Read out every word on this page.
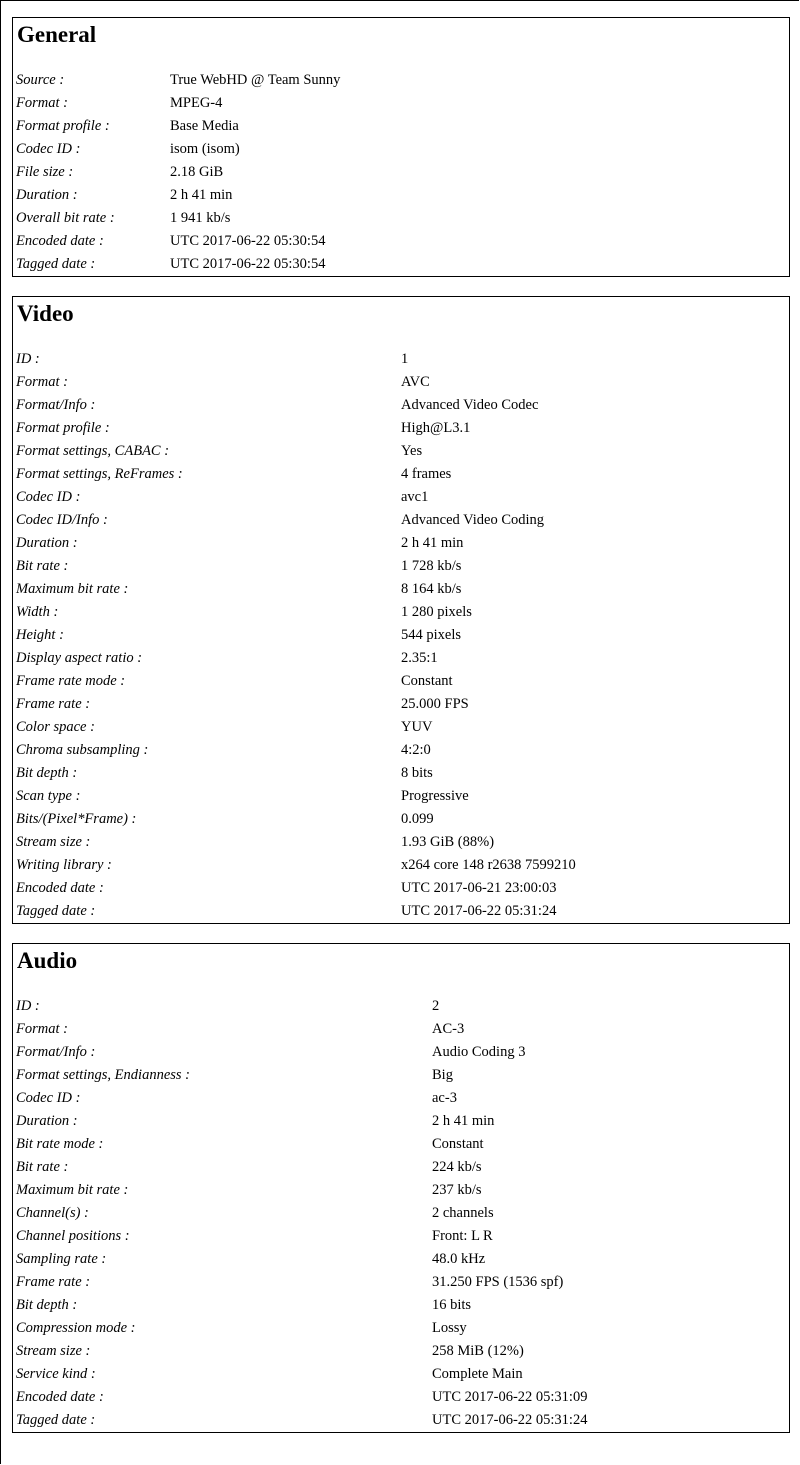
General
Source :	True WebHD @ Team Sunny
Format :	MPEG-4
Format profile :	Base Media
Codec ID :	isom (isom)
File size :	2.18 GiB
Duration :	2 h 41 min
Overall bit rate :	1 941 kb/s
Encoded date :	UTC 2017-06-22 05:30:54
Tagged date :	UTC 2017-06-22 05:30:54
Video
ID :	1
Format :	AVC
Format/Info :	Advanced Video Codec
Format profile :	High@L3.1
Format settings, CABAC :	Yes
Format settings, ReFrames :	4 frames
Codec ID :	avc1
Codec ID/Info :	Advanced Video Coding
Duration :	2 h 41 min
Bit rate :	1 728 kb/s
Maximum bit rate :	8 164 kb/s
Width :	1 280 pixels
Height :	544 pixels
Display aspect ratio :	2.35:1
Frame rate mode :	Constant
Frame rate :	25.000 FPS
Color space :	YUV
Chroma subsampling :	4:2:0
Bit depth :	8 bits
Scan type :	Progressive
Bits/(Pixel*Frame) :	0.099
Stream size :	1.93 GiB (88%)
Writing library :	x264 core 148 r2638 7599210
Encoded date :	UTC 2017-06-21 23:00:03
Tagged date :	UTC 2017-06-22 05:31:24
Audio
ID :	2
Format :	AC-3
Format/Info :	Audio Coding 3
Format settings, Endianness :	Big
Codec ID :	ac-3
Duration :	2 h 41 min
Bit rate mode :	Constant
Bit rate :	224 kb/s
Maximum bit rate :	237 kb/s
Channel(s) :	2 channels
Channel positions :	Front: L R
Sampling rate :	48.0 kHz
Frame rate :	31.250 FPS (1536 spf)
Bit depth :	16 bits
Compression mode :	Lossy
Stream size :	258 MiB (12%)
Service kind :	Complete Main
Encoded date :	UTC 2017-06-22 05:31:09
Tagged date :	UTC 2017-06-22 05:31:24
